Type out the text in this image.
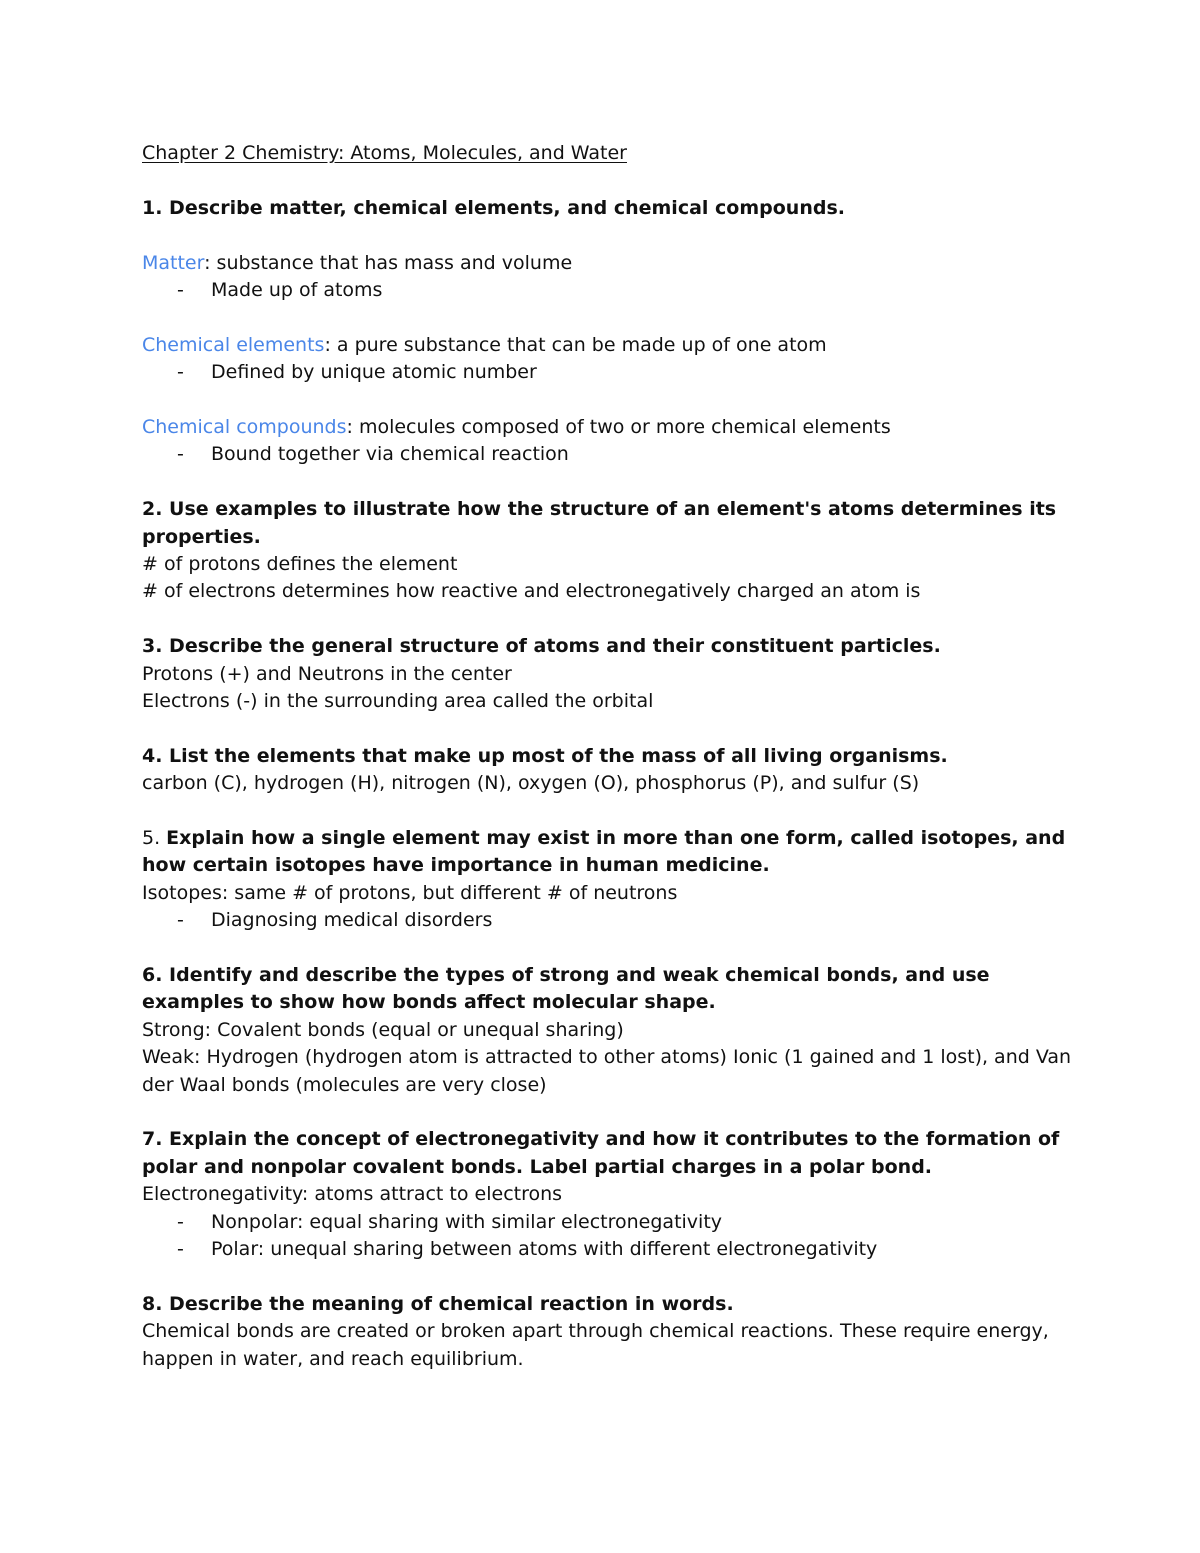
Chapter 2 Chemistry: Atoms, Molecules, and Water

1. Describe matter, chemical elements, and chemical compounds.

Matter: substance that has mass and volume

- Made up of atoms

Chemical elements: a pure substance that can be made up of one atom

- Defined by unique atomic number

Chemical compounds: molecules composed of two or more chemical elements

- Bound together via chemical reaction

2. Use examples to illustrate how the structure of an element's atoms determines its properties.

# of protons defines the element

# of electrons determines how reactive and electronegatively charged an atom is

3. Describe the general structure of atoms and their constituent particles.

Protons (+) and Neutrons in the center

Electrons (-) in the surrounding area called the orbital

4. List the elements that make up most of the mass of all living organisms.

carbon (C), hydrogen (H), nitrogen (N), oxygen (O), phosphorus (P), and sulfur (S)

5. Explain how a single element may exist in more than one form, called isotopes, and how certain isotopes have importance in human medicine.

Isotopes: same # of protons, but different # of neutrons

- Diagnosing medical disorders

6. Identify and describe the types of strong and weak chemical bonds, and use examples to show how bonds affect molecular shape.

Strong: Covalent bonds (equal or unequal sharing)

Weak: Hydrogen (hydrogen atom is attracted to other atoms) Ionic (1 gained and 1 lost), and Van der Waal bonds (molecules are very close)

7. Explain the concept of electronegativity and how it contributes to the formation of polar and nonpolar covalent bonds. Label partial charges in a polar bond.

Electronegativity: atoms attract to electrons

- Nonpolar: equal sharing with similar electronegativity
- Polar: unequal sharing between atoms with different electronegativity

8. Describe the meaning of chemical reaction in words.

Chemical bonds are created or broken apart through chemical reactions. These require energy, happen in water, and reach equilibrium.
